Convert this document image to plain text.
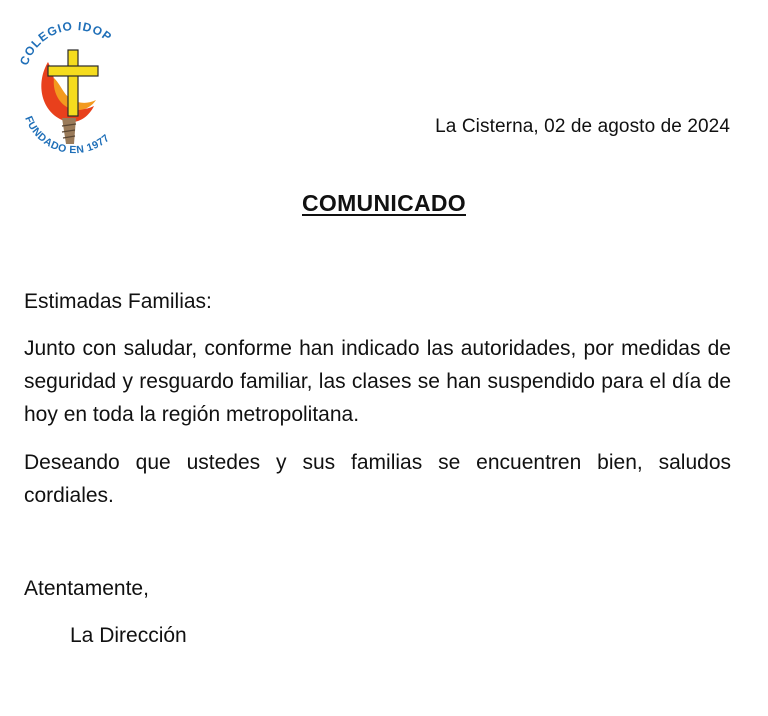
COLEGIO IDOP
FUNDADO EN 1977
La Cisterna, 02 de agosto de 2024
COMUNICADO
Estimadas Familias:
Junto con saludar, conforme han indicado las autoridades, por medidas de seguridad y resguardo familiar, las clases se han suspendido para el día de hoy en toda la región metropolitana.
Deseando que ustedes y sus familias se encuentren bien, saludos cordiales.
Atentamente,
La Dirección
